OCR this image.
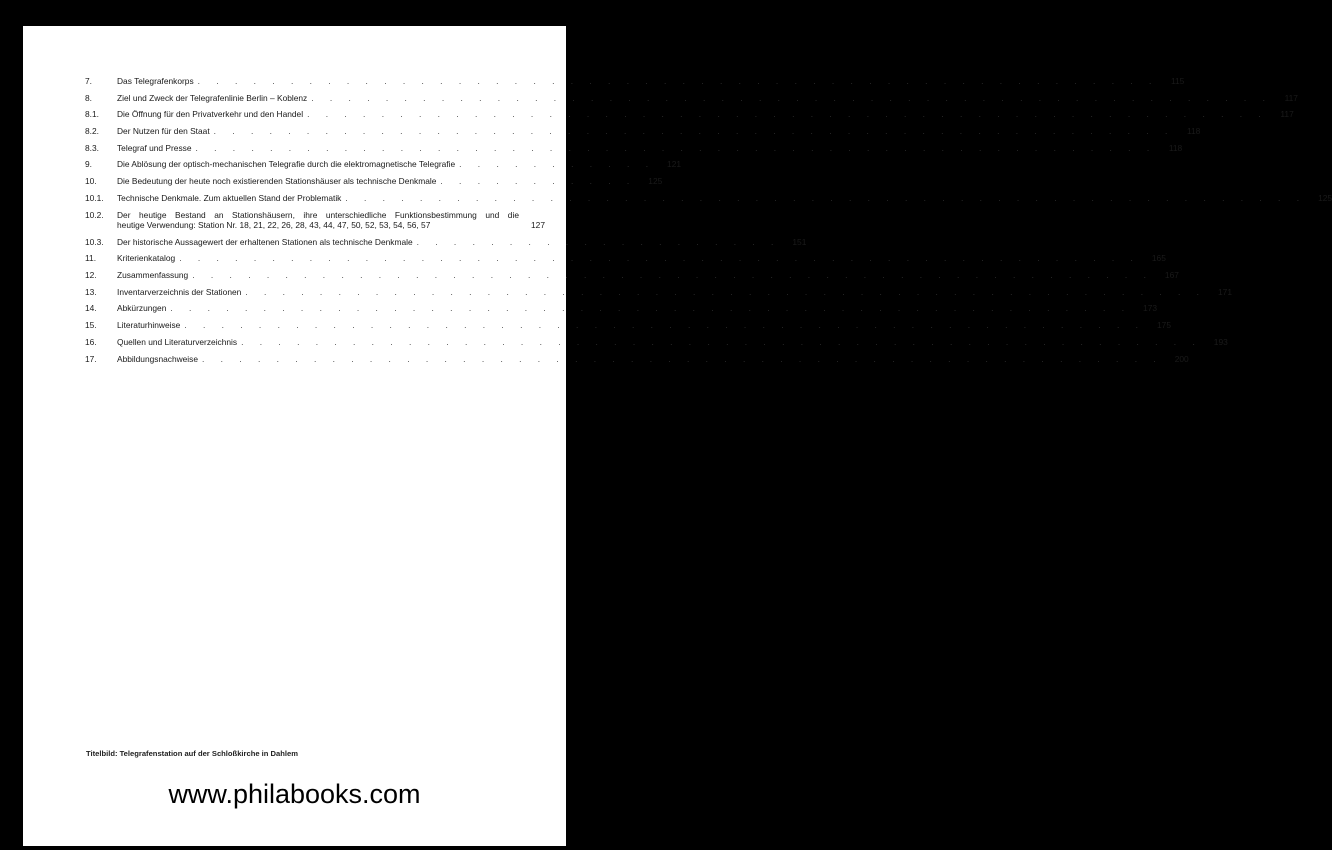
7.	Das Telegrafenkorps . . . . . . . . . . . . . . . . . . . . . . . . . . . . . . . . . . . . . . . . . . . . . . . . . . . .	115
8.	Ziel und Zweck der Telegrafenlinie Berlin – Koblenz . . . . . . . . . . . . . . . . . . . . . . . . . . . . . . . . . . . . . . . . . . . . . . . . . . . .	117
8.1.	Die Öffnung für den Privatverkehr und den Handel . . . . . . . . . . . . . . . . . . . . . . . . . . . . . . . . . . . . . . . . . . . . . . . . . . . .	117
8.2.	Der Nutzen für den Staat . . . . . . . . . . . . . . . . . . . . . . . . . . . . . . . . . . . . . . . . . . . . . . . . . . . .	118
8.3.	Telegraf und Presse . . . . . . . . . . . . . . . . . . . . . . . . . . . . . . . . . . . . . . . . . . . . . . . . . . . .	118
9.	Die Ablösung der optisch-mechanischen Telegrafie durch die elektromagnetische Telegrafie . . . . . . . . . . .	121
10.	Die Bedeutung der heute noch existierenden Stationshäuser als technische Denkmale . . . . . . . . . . .	125
10.1.	Technische Denkmale. Zum aktuellen Stand der Problematik . . . . . . . . . . . . . . . . . . . . . . . . . . . . . . . . . . . . . . . . . . . . . . . . . . . .	125
10.2.	Der heutige Bestand an Stationshäusern, ihre unterschiedliche Funktionsbestimmung und die
heutige Verwendung: Station Nr. 18, 21, 22, 26, 28, 43, 44, 47, 50, 52, 53, 54, 56, 57	127
10.3.	Der historische Aussagewert der erhaltenen Stationen als technische Denkmale . . . . . . . . . . . . . . . . . . . .	151
11.	Kriterienkatalog . . . . . . . . . . . . . . . . . . . . . . . . . . . . . . . . . . . . . . . . . . . . . . . . . . . .	165
12.	Zusammenfassung . . . . . . . . . . . . . . . . . . . . . . . . . . . . . . . . . . . . . . . . . . . . . . . . . . . .	167
13.	Inventarverzeichnis der Stationen . . . . . . . . . . . . . . . . . . . . . . . . . . . . . . . . . . . . . . . . . . . . . . . . . . . .	171
14.	Abkürzungen . . . . . . . . . . . . . . . . . . . . . . . . . . . . . . . . . . . . . . . . . . . . . . . . . . . .	173
15.	Literaturhinweise . . . . . . . . . . . . . . . . . . . . . . . . . . . . . . . . . . . . . . . . . . . . . . . . . . . .	175
16.	Quellen und Literaturverzeichnis . . . . . . . . . . . . . . . . . . . . . . . . . . . . . . . . . . . . . . . . . . . . . . . . . . . .	193
17.	Abbildungsnachweise . . . . . . . . . . . . . . . . . . . . . . . . . . . . . . . . . . . . . . . . . . . . . . . . . . . .	200
Titelbild: Telegrafenstation auf der Schloßkirche in Dahlem
www.philabooks.com
